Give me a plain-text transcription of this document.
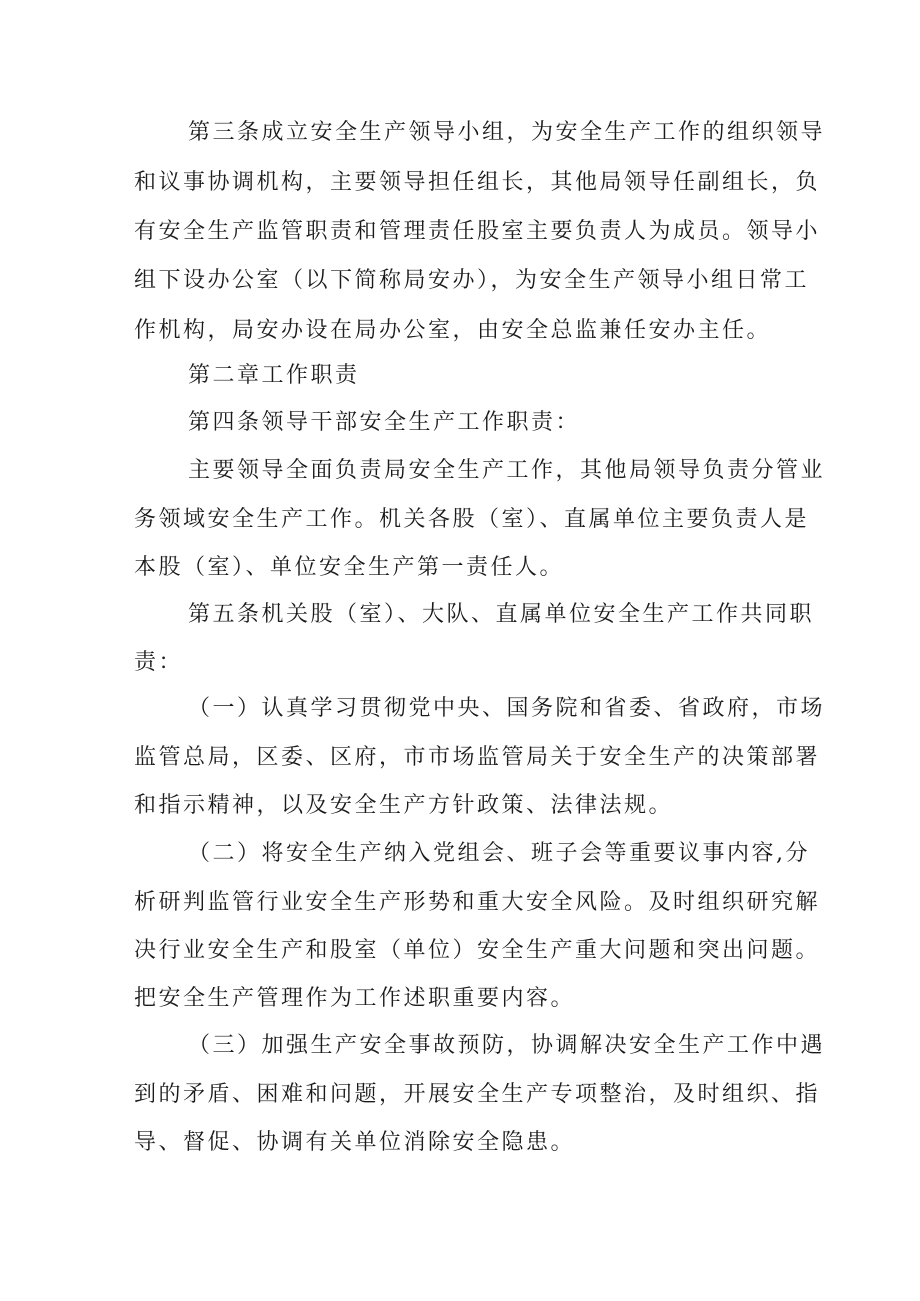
第三条成立安全生产领导小组，为安全生产工作的组织领导
和议事协调机构，主要领导担任组长，其他局领导任副组长，负
有安全生产监管职责和管理责任股室主要负责人为成员。领导小
组下设办公室（以下简称局安办），为安全生产领导小组日常工
作机构，局安办设在局办公室，由安全总监兼任安办主任。
第二章工作职责
第四条领导干部安全生产工作职责：
主要领导全面负责局安全生产工作，其他局领导负责分管业
务领域安全生产工作。机关各股（室）、直属单位主要负责人是
本股（室）、单位安全生产第一责任人。
第五条机关股（室）、大队、直属单位安全生产工作共同职
责：
（一）认真学习贯彻党中央、国务院和省委、省政府，市场
监管总局，区委、区府，市市场监管局关于安全生产的决策部署
和指示精神，以及安全生产方针政策、法律法规。
（二）将安全生产纳入党组会、班子会等重要议事内容,分
析研判监管行业安全生产形势和重大安全风险。及时组织研究解
决行业安全生产和股室（单位）安全生产重大问题和突出问题。
把安全生产管理作为工作述职重要内容。
（三）加强生产安全事故预防，协调解决安全生产工作中遇
到的矛盾、困难和问题，开展安全生产专项整治，及时组织、指
导、督促、协调有关单位消除安全隐患。
